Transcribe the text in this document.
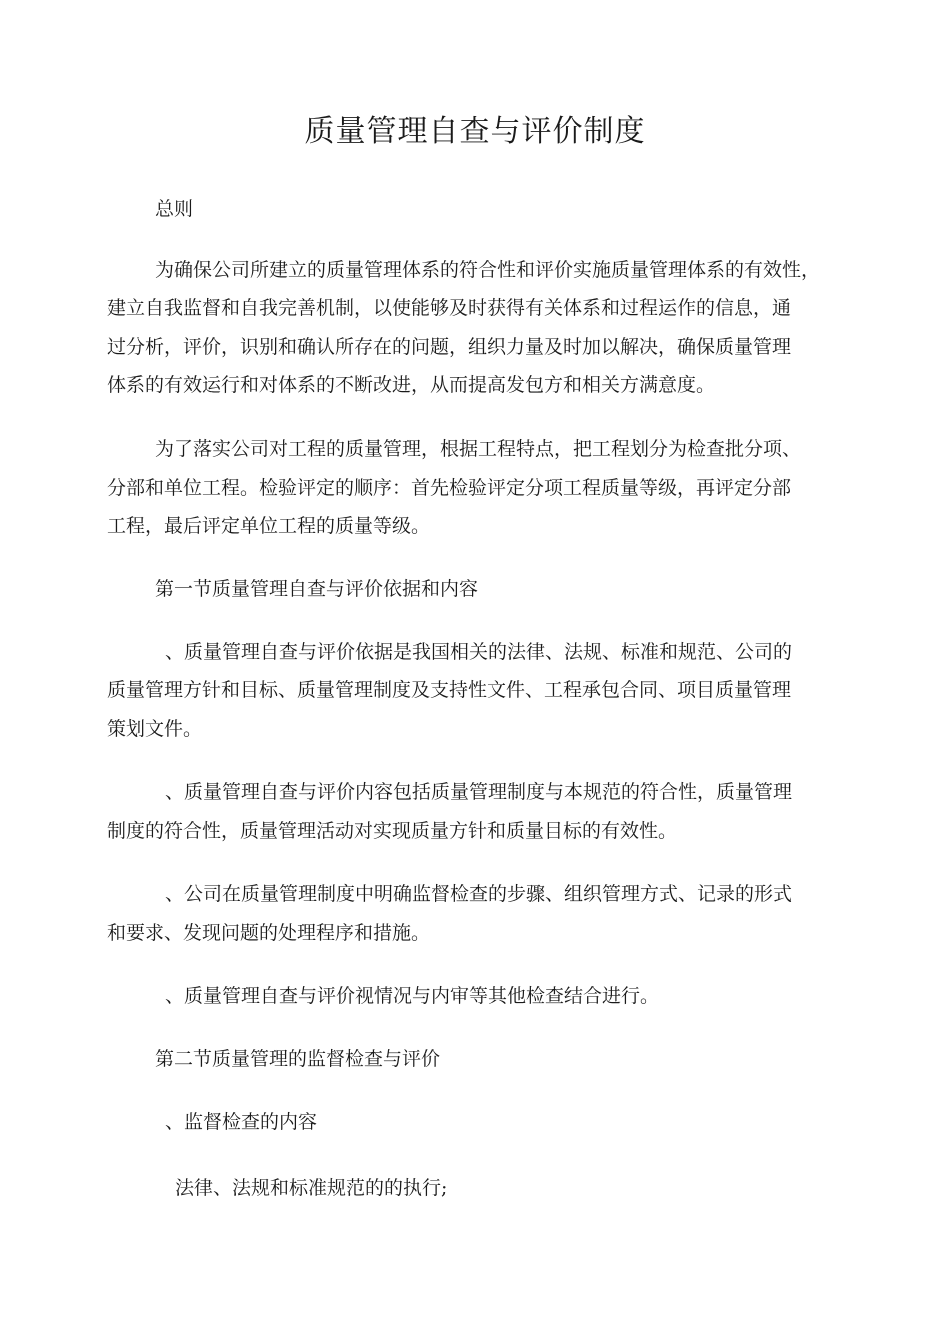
质量管理自查与评价制度
总则
为确保公司所建立的质量管理体系的符合性和评价实施质量管理体系的有效性，
建立自我监督和自我完善机制，以使能够及时获得有关体系和过程运作的信息，通
过分析，评价，识别和确认所存在的问题，组织力量及时加以解决，确保质量管理
体系的有效运行和对体系的不断改进，从而提高发包方和相关方满意度。
为了落实公司对工程的质量管理，根据工程特点，把工程划分为检查批分项、
分部和单位工程。检验评定的顺序：首先检验评定分项工程质量等级，再评定分部
工程，最后评定单位工程的质量等级。
第一节质量管理自查与评价依据和内容
、质量管理自查与评价依据是我国相关的法律、法规、标准和规范、公司的
质量管理方针和目标、质量管理制度及支持性文件、工程承包合同、项目质量管理
策划文件。
、质量管理自查与评价内容包括质量管理制度与本规范的符合性，质量管理
制度的符合性，质量管理活动对实现质量方针和质量目标的有效性。
、公司在质量管理制度中明确监督检查的步骤、组织管理方式、记录的形式
和要求、发现问题的处理程序和措施。
、质量管理自查与评价视情况与内审等其他检查结合进行。
第二节质量管理的监督检查与评价
、监督检查的内容
法律、法规和标准规范的的执行;
